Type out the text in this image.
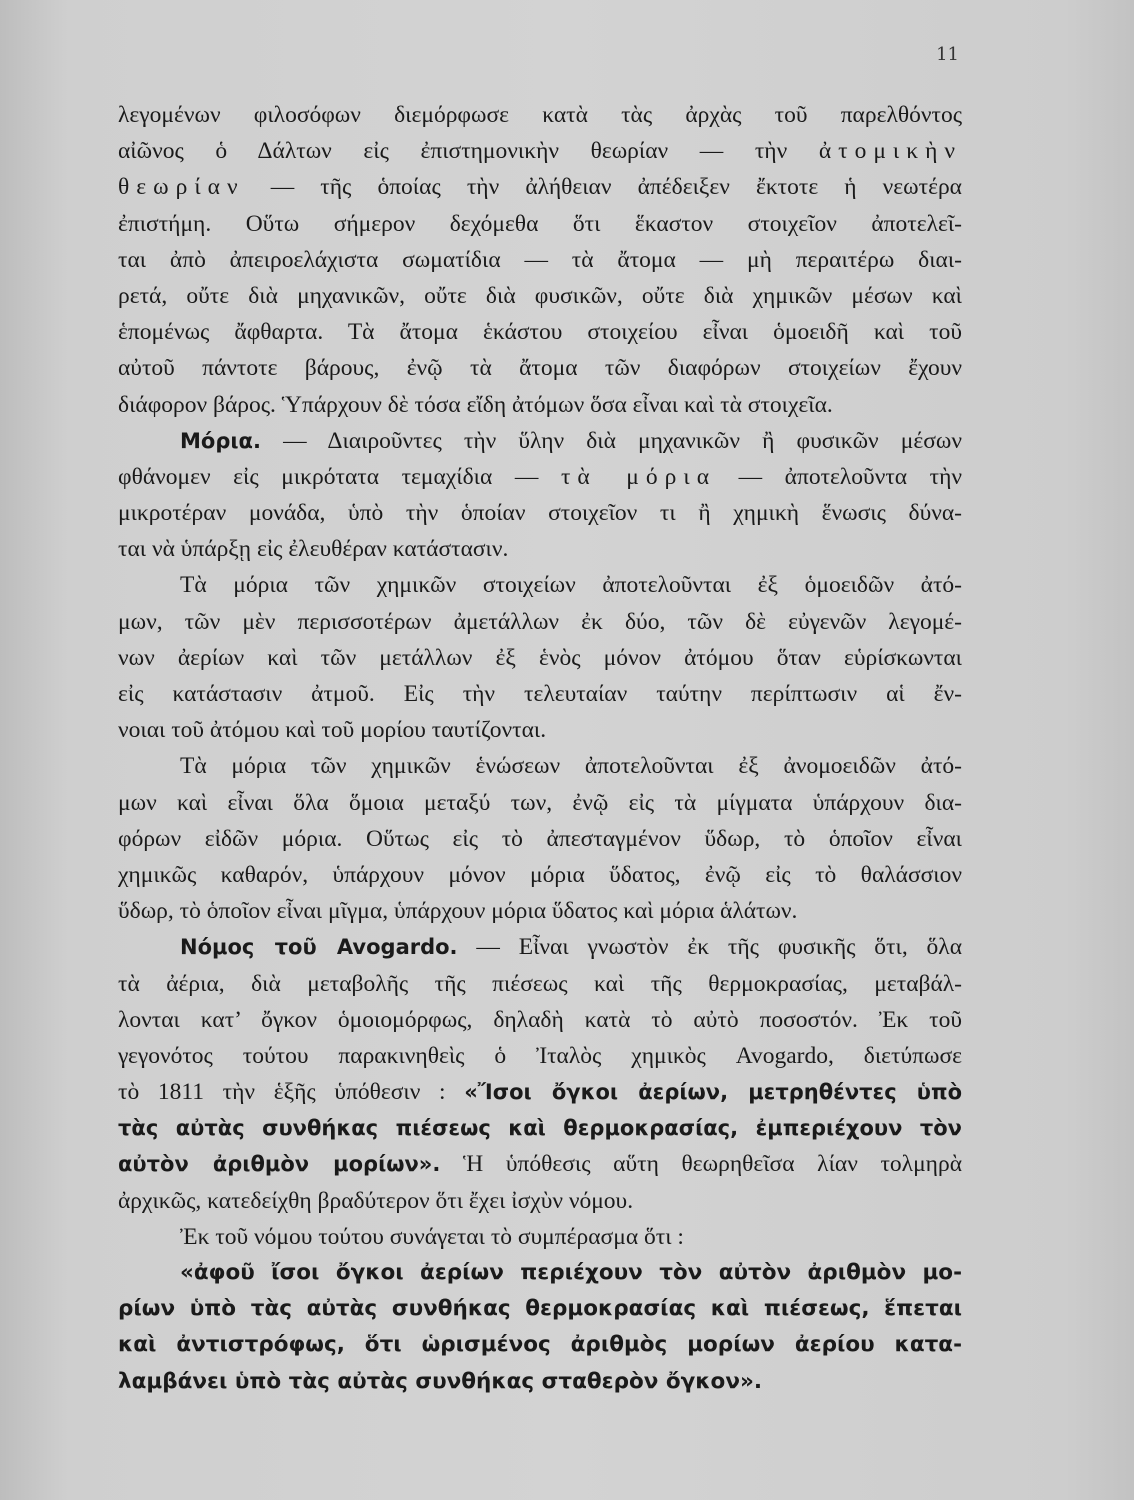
11
λεγομένων φιλοσόφων διεμόρφωσε κατὰ τὰς ἀρχὰς τοῦ παρελθόντος
αἰῶνος ὁ Δάλτων εἰς ἐπιστημονικὴν θεωρίαν — τὴν ἀτομικὴν
θεωρίαν — τῆς ὁποίας τὴν ἀλήθειαν ἀπέδειξεν ἔκτοτε ἡ νεωτέρα
ἐπιστήμη. Οὕτω σήμερον δεχόμεθα ὅτι ἕκαστον στοιχεῖον ἀποτελεῖ-
ται ἀπὸ ἀπειροελάχιστα σωματίδια — τὰ ἄτομα — μὴ περαιτέρω διαι-
ρετά, οὔτε διὰ μηχανικῶν, οὔτε διὰ φυσικῶν, οὔτε διὰ χημικῶν μέσων καὶ
ἑπομένως ἄφθαρτα. Τὰ ἄτομα ἑκάστου στοιχείου εἶναι ὁμοειδῆ καὶ τοῦ
αὐτοῦ πάντοτε βάρους, ἐνῷ τὰ ἄτομα τῶν διαφόρων στοιχείων ἔχουν
διάφορον βάρος. Ὑπάρχουν δὲ τόσα εἴδη ἀτόμων ὅσα εἶναι καὶ τὰ στοιχεῖα.
Μόρια. — Διαιροῦντες τὴν ὕλην διὰ μηχανικῶν ἢ φυσικῶν μέσων
φθάνομεν εἰς μικρότατα τεμαχίδια — τὰ μόρια — ἀποτελοῦντα τὴν
μικροτέραν μονάδα, ὑπὸ τὴν ὁποίαν στοιχεῖον τι ἢ χημικὴ ἕνωσις δύνα-
ται νὰ ὑπάρξῃ εἰς ἐλευθέραν κατάστασιν.
Τὰ μόρια τῶν χημικῶν στοιχείων ἀποτελοῦνται ἐξ ὁμοειδῶν ἀτό-
μων, τῶν μὲν περισσοτέρων ἀμετάλλων ἐκ δύο, τῶν δὲ εὐγενῶν λεγομέ-
νων ἀερίων καὶ τῶν μετάλλων ἐξ ἑνὸς μόνον ἀτόμου ὅταν εὑρίσκωνται
εἰς κατάστασιν ἀτμοῦ. Εἰς τὴν τελευταίαν ταύτην περίπτωσιν αἱ ἔν-
νοιαι τοῦ ἀτόμου καὶ τοῦ μορίου ταυτίζονται.
Τὰ μόρια τῶν χημικῶν ἑνώσεων ἀποτελοῦνται ἐξ ἀνομοειδῶν ἀτό-
μων καὶ εἶναι ὅλα ὅμοια μεταξύ των, ἐνῷ εἰς τὰ μίγματα ὑπάρχουν δια-
φόρων εἰδῶν μόρια. Οὕτως εἰς τὸ ἀπεσταγμένον ὕδωρ, τὸ ὁποῖον εἶναι
χημικῶς καθαρόν, ὑπάρχουν μόνον μόρια ὕδατος, ἐνῷ εἰς τὸ θαλάσσιον
ὕδωρ, τὸ ὁποῖον εἶναι μῖγμα, ὑπάρχουν μόρια ὕδατος καὶ μόρια ἁλάτων.
Νόμος τοῦ Avogardo. — Εἶναι γνωστὸν ἐκ τῆς φυσικῆς ὅτι, ὅλα
τὰ ἀέρια, διὰ μεταβολῆς τῆς πιέσεως καὶ τῆς θερμοκρασίας, μεταβάλ-
λονται κατ’ ὄγκον ὁμοιομόρφως, δηλαδὴ κατὰ τὸ αὐτὸ ποσοστόν. Ἐκ τοῦ
γεγονότος τούτου παρακινηθεὶς ὁ Ἰταλὸς χημικὸς Avogardo, διετύπωσε
τὸ 1811 τὴν ἑξῆς ὑπόθεσιν : «Ἴσοι ὄγκοι ἀερίων, μετρηθέντες ὑπὸ
τὰς αὐτὰς συνθήκας πιέσεως καὶ θερμοκρασίας, ἐμπεριέχουν τὸν
αὐτὸν ἀριθμὸν μορίων». Ἡ ὑπόθεσις αὕτη θεωρηθεῖσα λίαν τολμηρὰ
ἀρχικῶς, κατεδείχθη βραδύτερον ὅτι ἔχει ἰσχὺν νόμου.
Ἐκ τοῦ νόμου τούτου συνάγεται τὸ συμπέρασμα ὅτι :
«ἀφοῦ ἴσοι ὄγκοι ἀερίων περιέχουν τὸν αὐτὸν ἀριθμὸν μο-
ρίων ὑπὸ τὰς αὐτὰς συνθήκας θερμοκρασίας καὶ πιέσεως, ἕπεται
καὶ ἀντιστρόφως, ὅτι ὡρισμένος ἀριθμὸς μορίων ἀερίου κατα-
λαμβάνει ὑπὸ τὰς αὐτὰς συνθήκας σταθερὸν ὄγκον».
